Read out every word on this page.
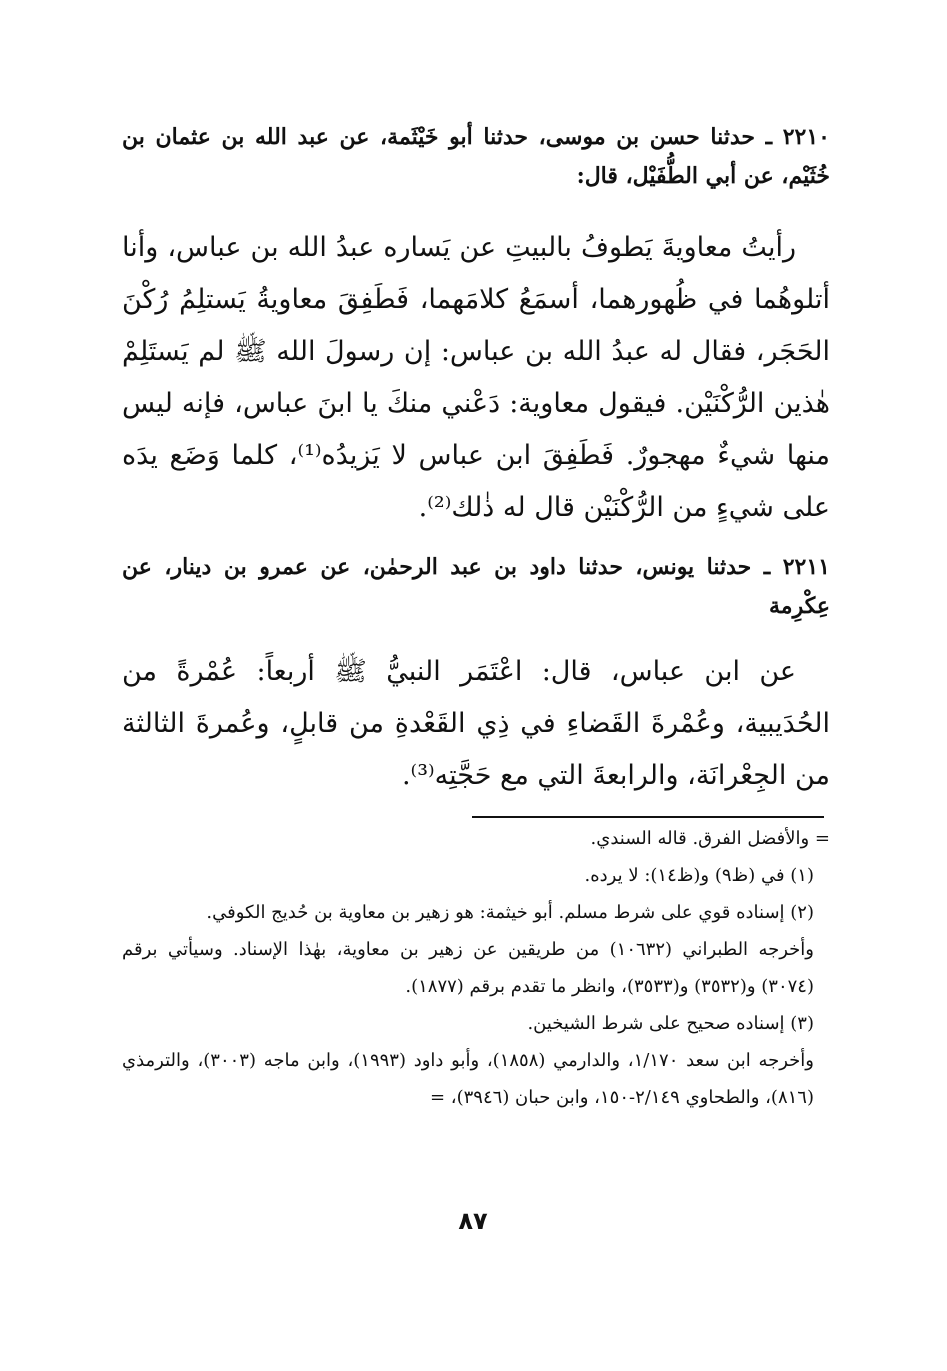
٢٢١٠ ـ حدثنا حسن بن موسى، حدثنا أبو خَيْثَمة، عن عبد الله بن عثمان بن خُثَيْم، عن أبي الطُّفَيْل، قال:

رأيتُ معاويةَ يَطوفُ بالبيتِ عن يَساره عبدُ الله بن عباس، وأنا أتلوهُما في ظُهورهما، أسمَعُ كلامَهما، فَطَفِقَ معاويةُ يَستلِمُ رُكْنَ الحَجَر، فقال له عبدُ الله بن عباس: إن رسولَ الله ﷺ لم يَستَلِمْ هٰذين الرُّكْنَيْن. فيقول معاوية: دَعْني منكَ يا ابنَ عباس، فإنه ليس منها شيءٌ مهجورٌ. فَطَفِقَ ابن عباس لا يَزيدُه⁽¹⁾، كلما وَضَع يدَه على شيءٍ من الرُّكْنَيْن قال له ذٰلك⁽²⁾.

٢٢١١ ـ حدثنا يونس، حدثنا داود بن عبد الرحمٰن، عن عمرو بن دينار، عن عِكْرِمة

عن ابن عباس، قال: اعْتَمَر النبيُّ ﷺ أربعاً: عُمْرةً من الحُدَيبية، وعُمْرةَ القَضاءِ في ذِي القَعْدةِ من قابلٍ، وعُمرةَ الثالثة من الجِعْرانَة، والرابعةَ التي مع حَجَّتِه⁽³⁾.

= والأفضل الفرق. قاله السندي.

(١) في (ظ٩) و(ظ١٤): لا يرده.

(٢) إسناده قوي على شرط مسلم. أبو خيثمة: هو زهير بن معاوية بن حُديج الكوفي.

وأخرجه الطبراني (١٠٦٣٢) من طريقين عن زهير بن معاوية، بهٰذا الإسناد. وسيأتي برقم (٣٠٧٤) و(٣٥٣٢) و(٣٥٣٣)، وانظر ما تقدم برقم (١٨٧٧).

(٣) إسناده صحيح على شرط الشيخين.

وأخرجه ابن سعد ١/١٧٠، والدارمي (١٨٥٨)، وأبو داود (١٩٩٣)، وابن ماجه (٣٠٠٣)، والترمذي (٨١٦)، والطحاوي ٢/١٤٩-١٥٠، وابن حبان (٣٩٤٦)، =

٨٧
